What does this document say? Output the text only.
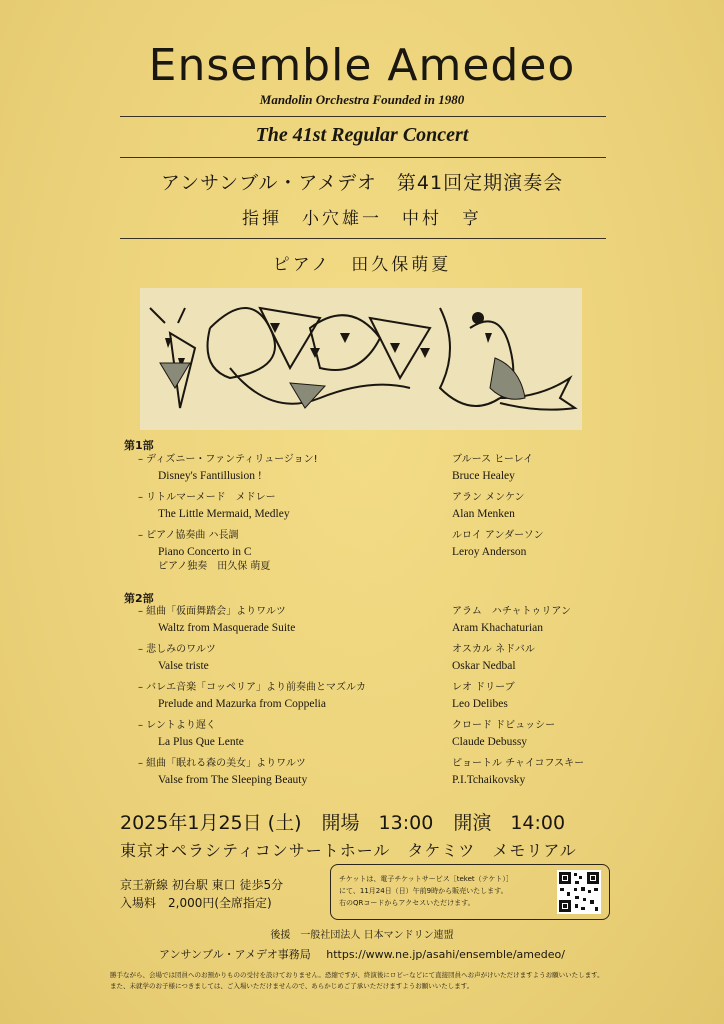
Ensemble Amedeo
Mandolin Orchestra Founded in 1980
The 41st Regular Concert
アンサンブル・アメデオ　第41回定期演奏会
指揮　小穴雄一　中村　亨
ピアノ　田久保萌夏
第1部
– ディズニー・ファンティリュージョン!
Disney's Fantillusion !
ブルース ヒーレイ
Bruce Healey
– リトルマーメード　メドレー
The Little Mermaid, Medley
アラン メンケン
Alan Menken
– ピアノ協奏曲 ハ長調
Piano Concerto in C
ピアノ独奏　田久保 萌夏
ルロイ アンダーソン
Leroy Anderson
第2部
– 組曲「仮面舞踏会」よりワルツ
Waltz from Masquerade Suite
アラム　ハチャトゥリアン
Aram Khachaturian
– 悲しみのワルツ
Valse triste
オスカル ネドバル
Oskar Nedbal
– バレエ音楽「コッペリア」より前奏曲とマズルカ
Prelude and Mazurka from Coppelia
レオ ドリーブ
Leo Delibes
– レントより遅く
La Plus Que Lente
クロード ドビュッシー
Claude Debussy
– 組曲「眠れる森の美女」よりワルツ
Valse from The Sleeping Beauty
ピョートル チャイコフスキー
P.I.Tchaikovsky
2025年1月25日 (土) 開場　13:00 開演　14:00
東京オペラシティコンサートホール　タケミツ　メモリアル
京王新線 初台駅 東口 徒歩5分
入場料　2,000円(全席指定)
チケットは、電子チケットサービス［teket（テケト）］
にて、11月24日（日）午前9時から販売いたします。
右のQRコードからアクセスいただけます。
後援　一般社団法人 日本マンドリン連盟
アンサンブル・アメデオ事務局 https://www.ne.jp/asahi/ensemble/amedeo/
勝手ながら、会場では団員へのお預かりものの受付を設けておりません。恐縮ですが、終演後にロビーなどにて直接団員へお声がけいただけますようお願いいたします。
また、未就学のお子様につきましては、ご入場いただけませんので、あらかじめご了承いただけますようお願いいたします。
